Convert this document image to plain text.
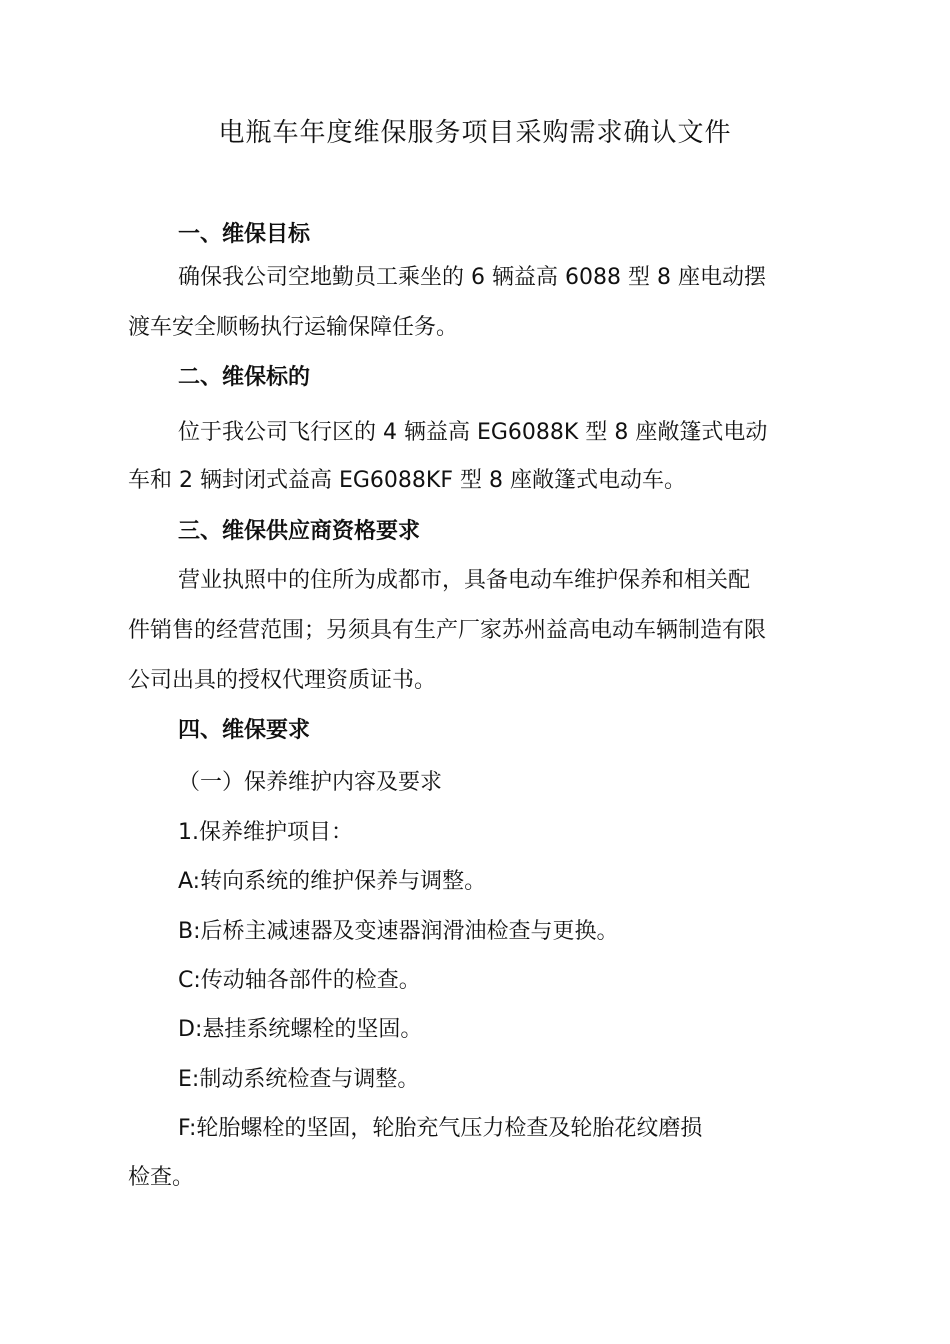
电瓶车年度维保服务项目采购需求确认文件

一、维保目标

确保我公司空地勤员工乘坐的 6 辆益高 6088 型 8 座电动摆

渡车安全顺畅执行运输保障任务。

二、维保标的

位于我公司飞行区的 4 辆益高 EG6088K 型 8 座敞篷式电动

车和 2 辆封闭式益高 EG6088KF 型 8 座敞篷式电动车。

三、维保供应商资格要求

营业执照中的住所为成都市，具备电动车维护保养和相关配

件销售的经营范围；另须具有生产厂家苏州益高电动车辆制造有限

公司出具的授权代理资质证书。

四、维保要求

（一）保养维护内容及要求

1.保养维护项目：

A:转向系统的维护保养与调整。

B:后桥主减速器及变速器润滑油检查与更换。

C:传动轴各部件的检查。

D:悬挂系统螺栓的坚固。

E:制动系统检查与调整。

F:轮胎螺栓的坚固，轮胎充气压力检查及轮胎花纹磨损

检查。
